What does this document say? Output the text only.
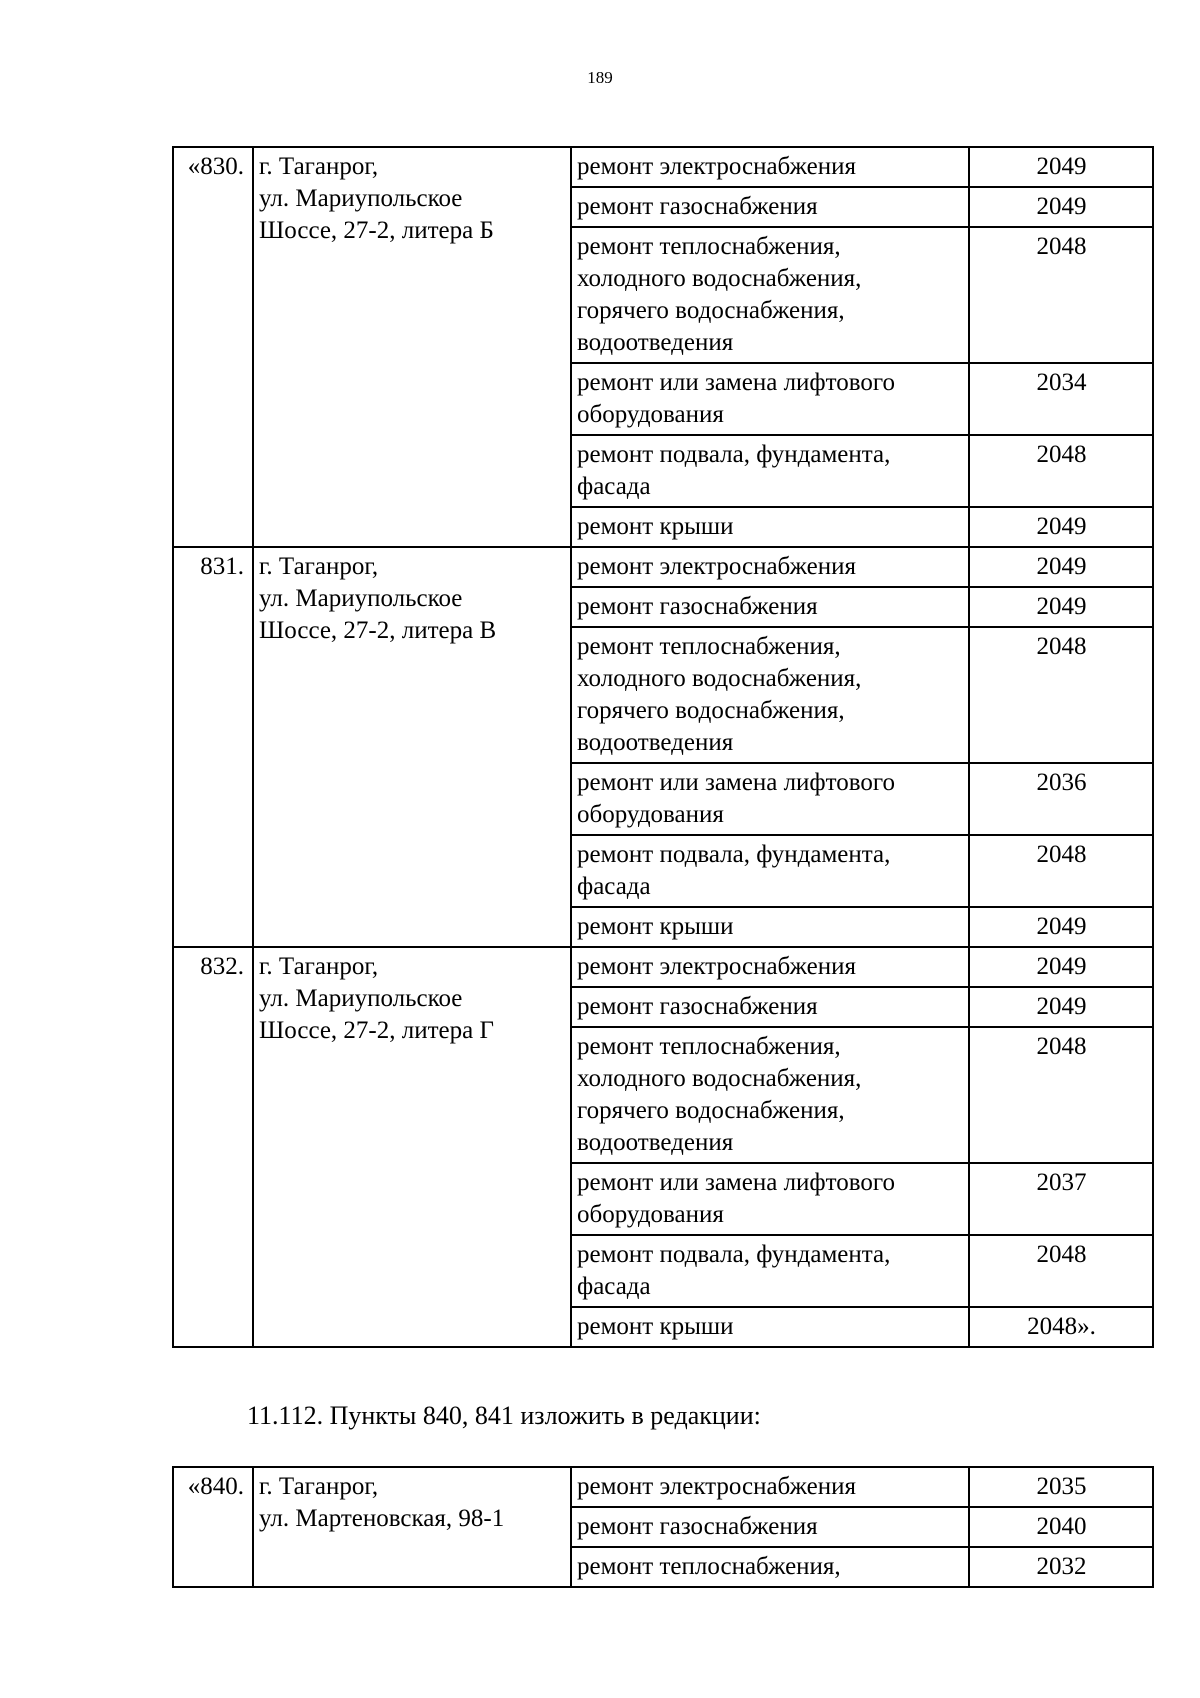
189
«830.	г. Таганрог,
ул. Мариупольское
Шоссе, 27-2, литера Б	ремонт электроснабжения	2049

		ремонт газоснабжения	2049

		ремонт теплоснабжения,
холодного водоснабжения,
горячего водоснабжения,
водоотведения	2048

		ремонт или замена лифтового
оборудования	2034

		ремонт подвала, фундамента,
фасада	2048

		ремонт крыши	2049
831.	г. Таганрог,
ул. Мариупольское
Шоссе, 27-2, литера В	ремонт электроснабжения	2049

		ремонт газоснабжения	2049

		ремонт теплоснабжения,
холодного водоснабжения,
горячего водоснабжения,
водоотведения	2048

		ремонт или замена лифтового
оборудования	2036

		ремонт подвала, фундамента,
фасада	2048

		ремонт крыши	2049
832.	г. Таганрог,
ул. Мариупольское
Шоссе, 27-2, литера Г	ремонт электроснабжения	2049

		ремонт газоснабжения	2049

		ремонт теплоснабжения,
холодного водоснабжения,
горячего водоснабжения,
водоотведения	2048

		ремонт или замена лифтового
оборудования	2037

		ремонт подвала, фундамента,
фасада	2048

		ремонт крыши	2048».
11.112. Пункты 840, 841 изложить в редакции:
«840.	г. Таганрог,
ул. Мартеновская, 98-1	ремонт электроснабжения	2035

		ремонт газоснабжения	2040

		ремонт теплоснабжения,	2032
